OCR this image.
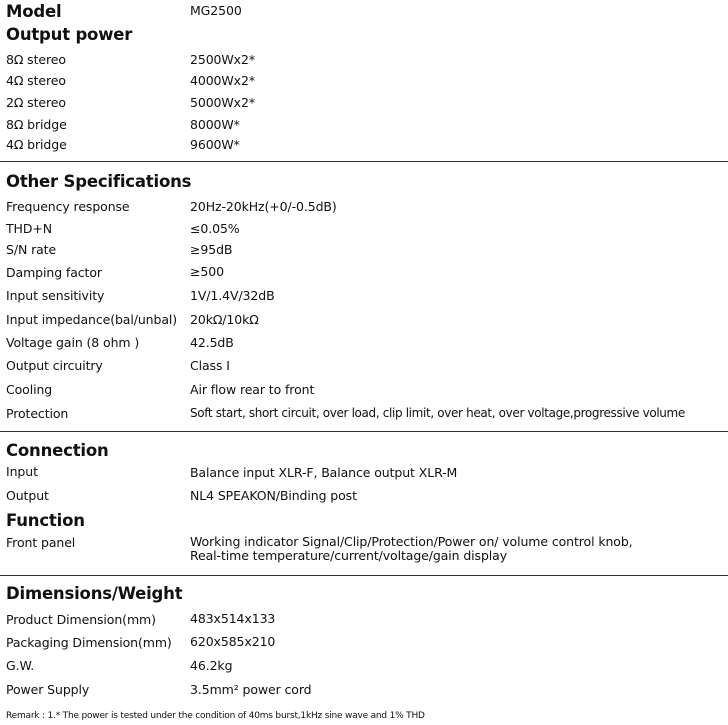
Model	MG2500
Output power
8Ω stereo	2500Wx2*
4Ω stereo	4000Wx2*
2Ω stereo	5000Wx2*
8Ω bridge	8000W*
4Ω bridge	9600W*
Other Specifications
Frequency response	20Hz-20kHz(+0/-0.5dB)
THD+N	≤0.05%
S/N rate	≥95dB
Damping factor	≥500
Input sensitivity	1V/1.4V/32dB
Input impedance(bal/unbal) 20kΩ/10kΩ
Voltage gain (8 ohm )	42.5dB
Output circuitry	Class I
Cooling	Air flow rear to front
Protection	Soft start, short circuit, over load, clip limit, over heat, over voltage,progressive volume
Connection
Input	Balance input XLR-F, Balance output XLR-M
Output	NL4 SPEAKON/Binding post
Function
Front panel	Working indicator Signal/Clip/Protection/Power on/ volume control knob,
Real-time temperature/current/voltage/gain display
Dimensions/Weight
Product Dimension(mm)	483x514x133
Packaging Dimension(mm) 620x585x210
G.W.	46.2kg
Power Supply	3.5mm² power cord
Remark : 1.* The power is tested under the condition of 40ms burst,1kHz sine wave and 1% THD
